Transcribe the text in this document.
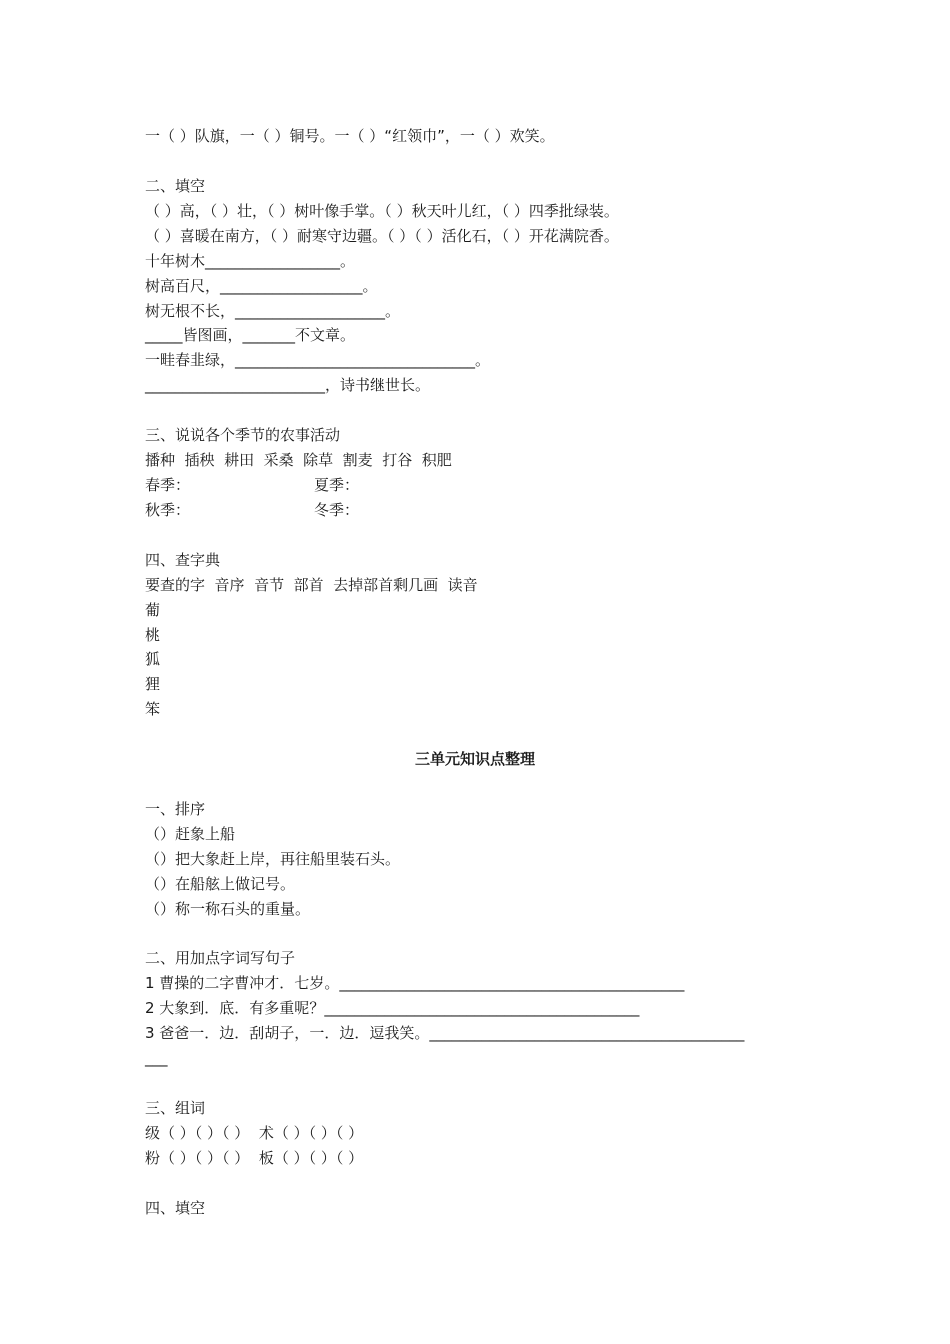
一（ ）队旗，一（ ）铜号。一（ ）“红领巾”，一（ ）欢笑。
二、填空
（ ）高，（ ）壮，（ ）树叶像手掌。（ ）秋天叶儿红，（ ）四季批绿装。
（ ）喜暖在南方，（ ）耐寒守边疆。（ ）（ ）活化石，（ ）开花满院香。
十年树木__________________。
树高百尺，___________________。
树无根不长，____________________。
_____皆图画，_______不文章。
一畦春韭绿，________________________________。
________________________，诗书继世长。
三、说说各个季节的农事活动
播种  插秧  耕田  采桑  除草  割麦  打谷  积肥
春季：                          夏季：
秋季：                          冬季：
四、查字典
要查的字  音序  音节  部首  去掉部首剩几画  读音
葡
桃
狐
狸
笨
三单元知识点整理
一、排序
（）赶象上船
（）把大象赶上岸，再往船里装石头。
（）在船舷上做记号。
（）称一称石头的重量。
二、用加点字词写句子
1 曹操的二字曹冲才．七岁。______________________________________________
2 大象到．底．有多重呢？__________________________________________
3 爸爸一．边．刮胡子，一．边．逗我笑。__________________________________________
___
三、组词
级（ ）（ ）（ ）  术（ ）（ ）（ ）
粉（ ）（ ）（ ）  板（ ）（ ）（ ）
四、填空
